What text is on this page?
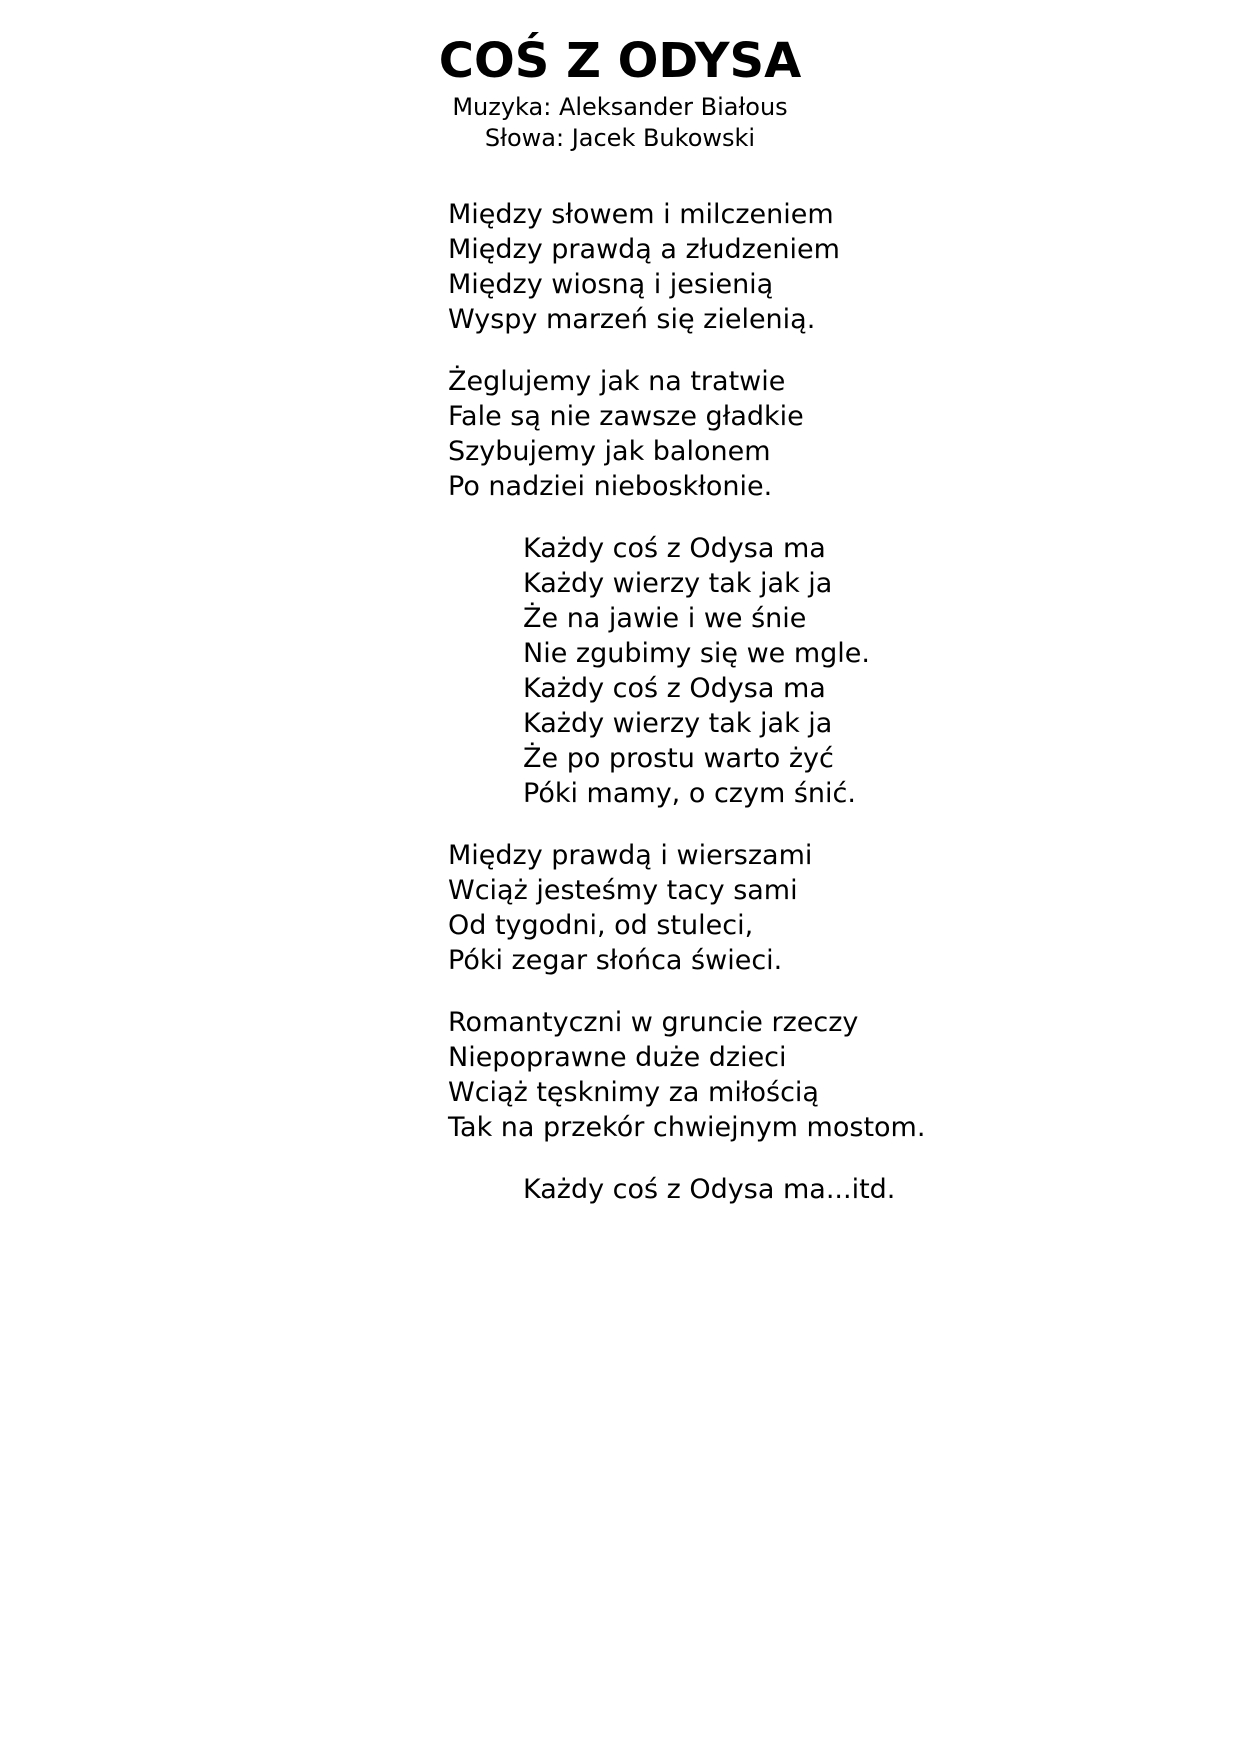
COŚ Z ODYSA

Muzyka: Aleksander Białous

Słowa: Jacek Bukowski

Między słowem i milczeniem
Między prawdą a złudzeniem
Między wiosną i jesienią
Wyspy marzeń się zielenią.
Żeglujemy jak na tratwie
Fale są nie zawsze gładkie
Szybujemy jak balonem
Po nadziei nieboskłonie.
Każdy coś z Odysa ma
Każdy wierzy tak jak ja
Że na jawie i we śnie
Nie zgubimy się we mgle.
Każdy coś z Odysa ma
Każdy wierzy tak jak ja
Że po prostu warto żyć
Póki mamy, o czym śnić.
Między prawdą i wierszami
Wciąż jesteśmy tacy sami
Od tygodni, od stuleci,
Póki zegar słońca świeci.
Romantyczni w gruncie rzeczy
Niepoprawne duże dzieci
Wciąż tęsknimy za miłością
Tak na przekór chwiejnym mostom.
Każdy coś z Odysa ma...itd.
